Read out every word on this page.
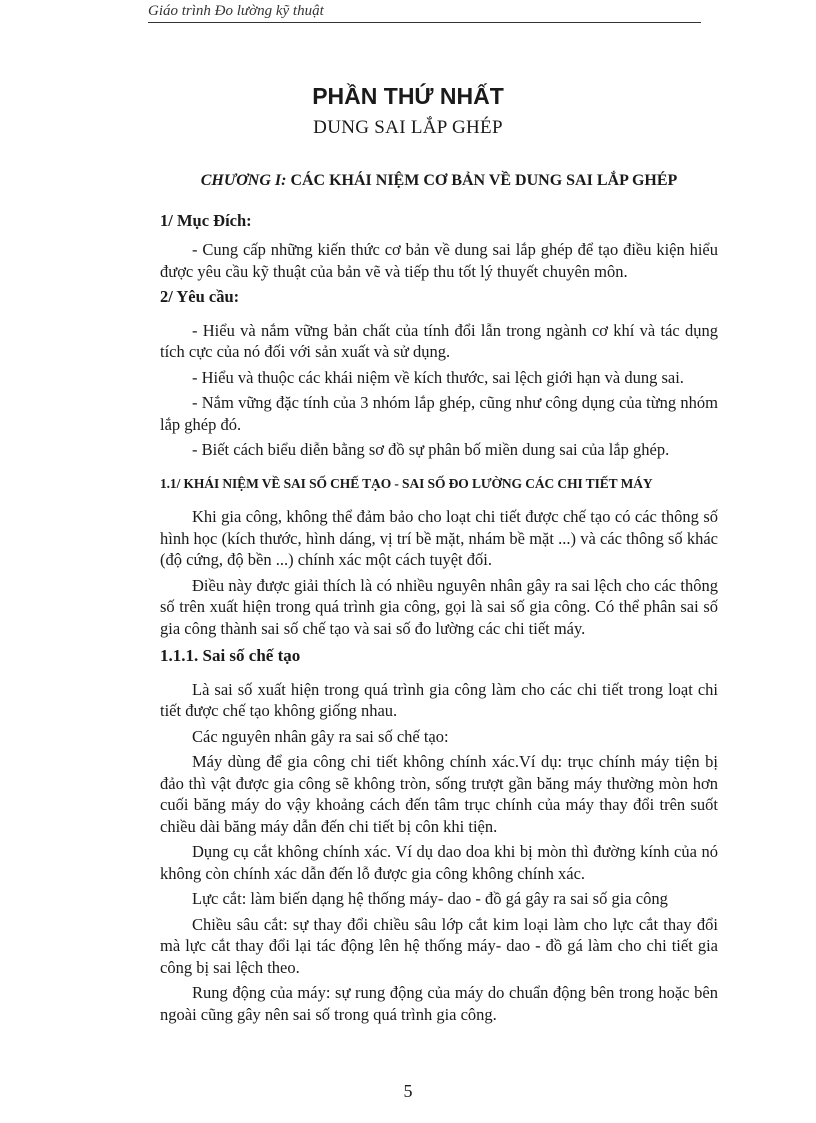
Giáo trình Đo lường kỹ thuật
PHẦN THỨ NHẤT
DUNG SAI LẮP GHÉP
CHƯƠNG I: CÁC KHÁI NIỆM CƠ BẢN VỀ DUNG SAI LẮP GHÉP
1/ Mục Đích:

- Cung cấp những kiến thức cơ bản về dung sai lắp ghép để tạo điều kiện hiểu được yêu cầu kỹ thuật của bản vẽ và tiếp thu tốt lý thuyết chuyên môn.

2/ Yêu cầu:

- Hiểu và nắm vững bản chất của tính đổi lẫn trong ngành cơ khí và tác dụng tích cực của nó đối với sản xuất và sử dụng.

- Hiểu và thuộc các khái niệm về kích thước, sai lệch giới hạn và dung sai.

- Nắm vững đặc tính của 3 nhóm lắp ghép, cũng như công dụng của từng nhóm lắp ghép đó.

- Biết cách biểu diễn bằng sơ đồ sự phân bố miền dung sai của lắp ghép.

1.1/ KHÁI NIỆM VỀ SAI SỐ CHẾ TẠO - SAI SỐ ĐO LƯỜNG CÁC CHI TIẾT MÁY

Khi gia công, không thể đảm bảo cho loạt chi tiết được chế tạo có các thông số hình học (kích thước, hình dáng, vị trí bề mặt, nhám bề mặt ...) và các thông số khác (độ cứng, độ bền ...) chính xác một cách tuyệt đối.

Điều này được giải thích là có nhiều nguyên nhân gây ra sai lệch cho các thông số trên xuất hiện trong quá trình gia công, gọi là sai số gia công. Có thể phân sai số gia công thành sai số chế tạo và sai số đo lường các chi tiết máy.

1.1.1. Sai số chế tạo

Là sai số xuất hiện trong quá trình gia công làm cho các chi tiết trong loạt chi tiết được chế tạo không giống nhau.

Các nguyên nhân gây ra sai số chế tạo:

Máy dùng để gia công chi tiết không chính xác.Ví dụ: trục chính máy tiện bị đảo thì vật được gia công sẽ không tròn, sống trượt gần băng máy thường mòn hơn cuối băng máy do vậy khoảng cách đến tâm trục chính của máy thay đổi trên suốt chiều dài băng máy dẫn đến chi tiết bị côn khi tiện.

Dụng cụ cắt không chính xác. Ví dụ dao doa khi bị mòn thì đường kính của nó không còn chính xác dẫn đến lỗ được gia công không chính xác.

Lực cắt: làm biến dạng hệ thống máy- dao - đồ gá gây ra sai số gia công

Chiều sâu cắt: sự thay đổi chiều sâu lớp cắt kim loại làm cho lực cắt thay đổi mà lực cắt thay đổi lại tác động lên hệ thống máy- dao - đồ gá làm cho chi tiết gia công bị sai lệch theo.

Rung động của máy: sự rung động của máy do chuẩn động bên trong hoặc bên ngoài cũng gây nên sai số trong quá trình gia công.

5
